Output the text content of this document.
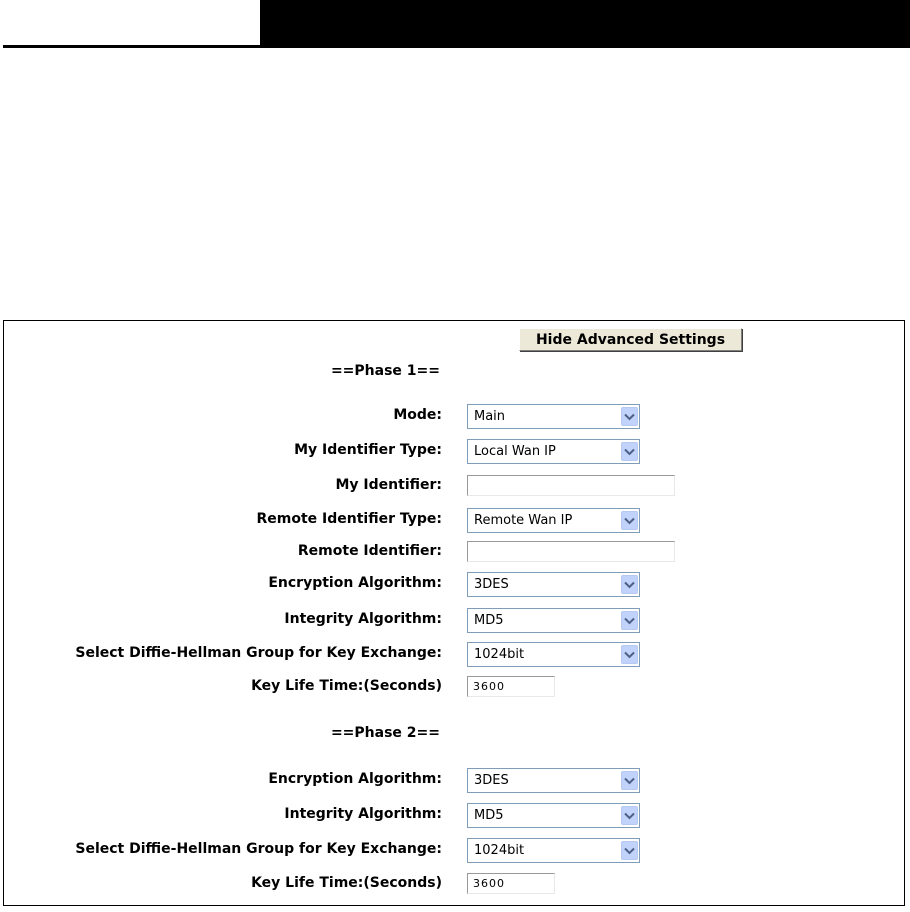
Hide Advanced Settings
==Phase 1==
Mode: Main
My Identifier Type: Local Wan IP
My Identifier:
Remote Identifier Type: Remote Wan IP
Remote Identifier:
Encryption Algorithm: 3DES
Integrity Algorithm: MD5
Select Diffie-Hellman Group for Key Exchange: 1024bit
Key Life Time:(Seconds)	3600
==Phase 2==
Encryption Algorithm: 3DES
Integrity Algorithm: MD5
Select Diffie-Hellman Group for Key Exchange: 1024bit
Key Life Time:(Seconds)	3600
